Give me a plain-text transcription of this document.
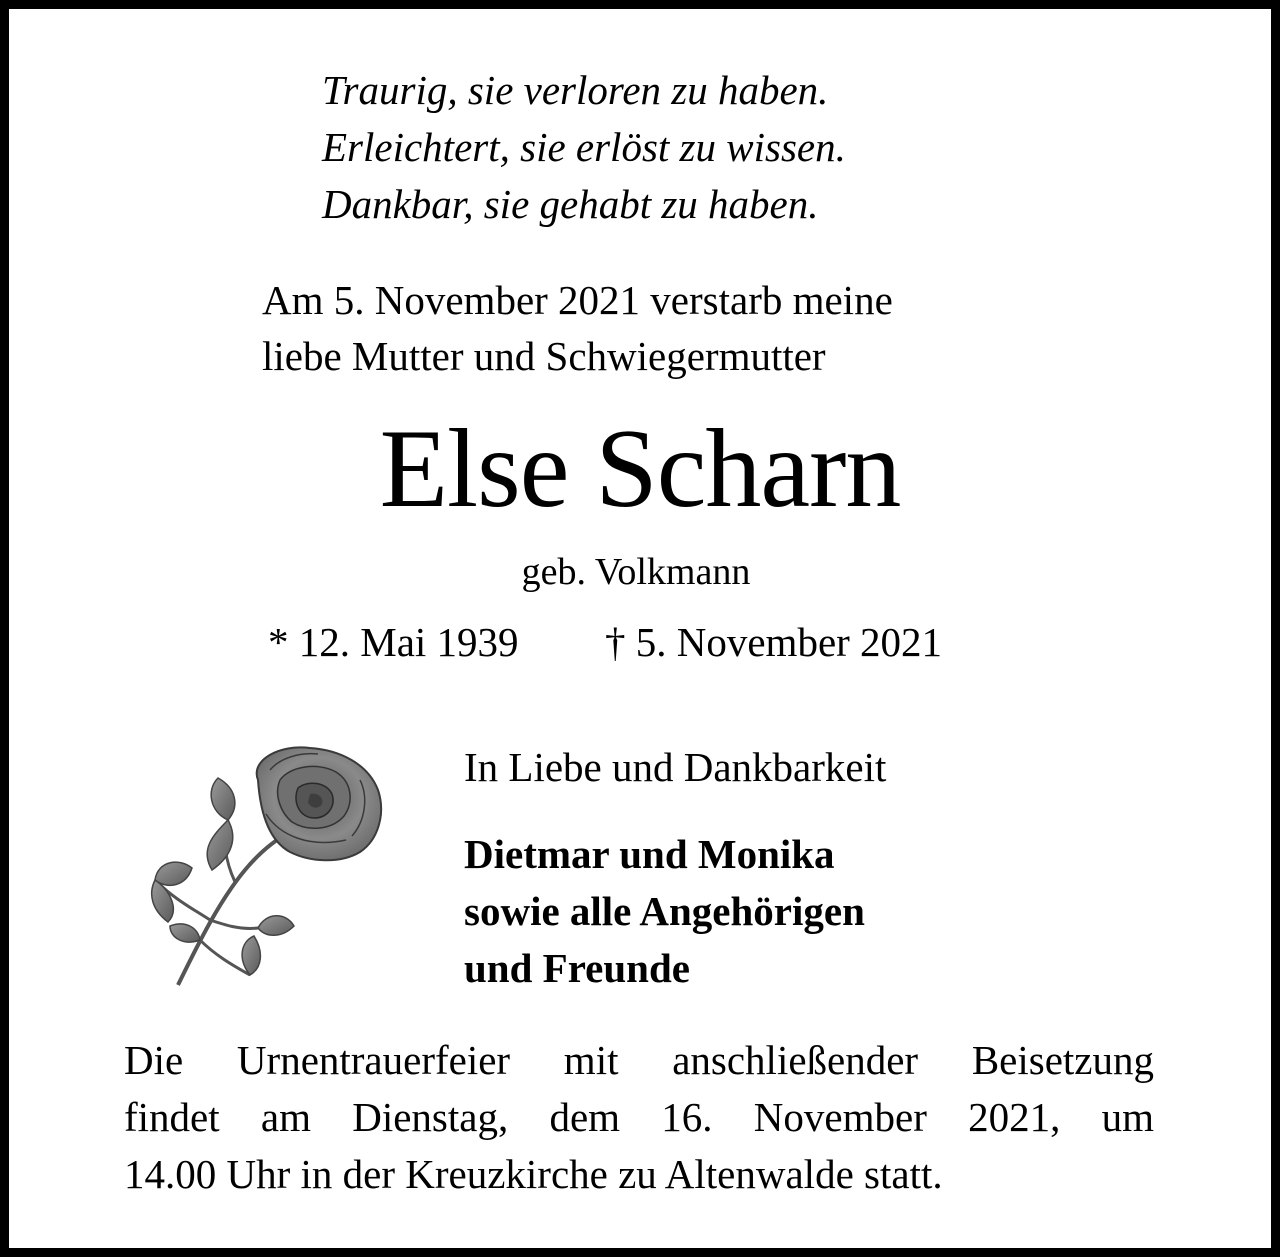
Traurig, sie verloren zu haben.
Erleichtert, sie erlöst zu wissen.
Dankbar, sie gehabt zu haben.
Am 5. November 2021 verstarb meine
liebe Mutter und Schwiegermutter
Else Scharn
geb. Volkmann
* 12. Mai 1939 † 5. November 2021
In Liebe und Dankbarkeit
Dietmar und Monika
sowie alle Angehörigen
und Freunde
Die Urnentrauerfeier mit anschließender Beisetzung
findet am Dienstag, dem 16. November 2021, um
14.00 Uhr in der Kreuzkirche zu Altenwalde statt.
